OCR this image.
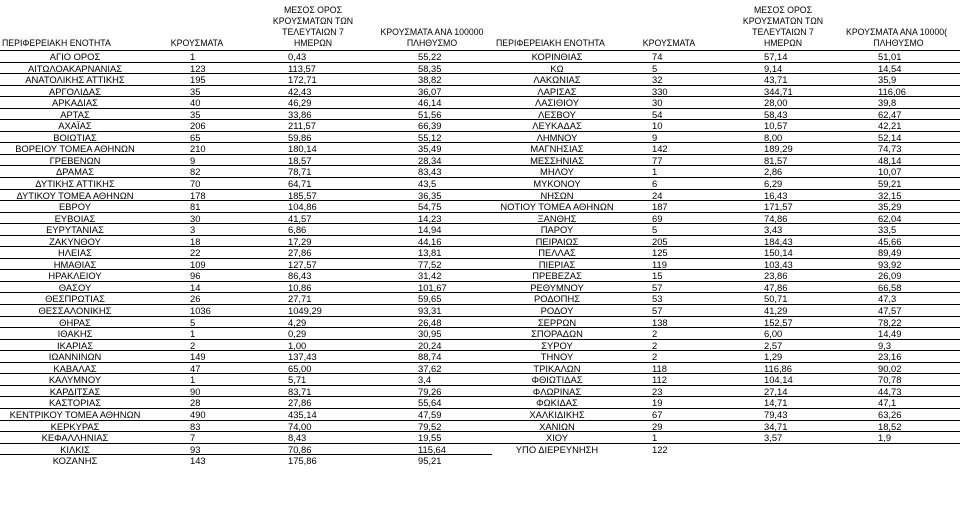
ΠΕΡΙΦΕΡΕΙΑΚΗ ΕΝΟΤΗΤΑ	ΚΡΟΥΣΜΑΤΑ
ΜΕΣΟΣ ΟΡΟΣ
ΚΡΟΥΣΜΑΤΩΝ ΤΩΝ
ΤΕΛΕΥΤΑΙΩΝ 7 ΗΜΕΡΩΝ
ΚΡΟΥΣΜΑΤΑ ΑΝΑ 100000
ΠΛΗΘΥΣΜΟ
ΑΓΙΟ ΟΡΟΣ	1	0,43	55,22
ΑΙΤΩΛΟΑΚΑΡΝΑΝΙΑΣ	123	113,57	58,35
ΑΝΑΤΟΛΙΚΗΣ ΑΤΤΙΚΗΣ	195	172,71	38,82
ΑΡΓΟΛΙΔΑΣ	35	42,43	36,07
ΑΡΚΑΔΙΑΣ	40	46,29	46,14
ΑΡΤΑΣ	35	33,86	51,56
ΑΧΑΪΑΣ	206	211,57	66,39
ΒΟΙΩΤΙΑΣ	65	59,86	55,12
ΒΟΡΕΙΟΥ ΤΟΜΕΑ ΑΘΗΝΩΝ	210	180,14	35,49
ΓΡΕΒΕΝΩΝ	9	18,57	28,34
ΔΡΑΜΑΣ	82	78,71	83,43
ΔΥΤΙΚΗΣ ΑΤΤΙΚΗΣ	70	64,71	43,5
ΔΥΤΙΚΟΥ ΤΟΜΕΑ ΑΘΗΝΩΝ	178	185,57	36,35
ΕΒΡΟΥ	81	104,86	54,75
ΕΥΒΟΙΑΣ	30	41,57	14,23
ΕΥΡΥΤΑΝΙΑΣ	3	6,86	14,94
ΖΑΚΥΝΘΟΥ	18	17,29	44,16
ΗΛΕΙΑΣ	22	27,86	13,81
ΗΜΑΘΙΑΣ	109	127,57	77,52
ΗΡΑΚΛΕΙΟΥ	96	86,43	31,42
ΘΑΣΟΥ	14	10,86	101,67
ΘΕΣΠΡΩΤΙΑΣ	26	27,71	59,65
ΘΕΣΣΑΛΟΝΙΚΗΣ	1036	1049,29	93,31
ΘΗΡΑΣ	5	4,29	26,48
ΙΘΑΚΗΣ	1	0,29	30,95
ΙΚΑΡΙΑΣ	2	1,00	20,24
ΙΩΑΝΝΙΝΩΝ	149	137,43	88,74
ΚΑΒΑΛΑΣ	47	65,00	37,62
ΚΑΛΥΜΝΟΥ	1	5,71	3,4
ΚΑΡΔΙΤΣΑΣ	90	83,71	79,26
ΚΑΣΤΟΡΙΑΣ	28	27,86	55,64
ΚΕΝΤΡΙΚΟΥ ΤΟΜΕΑ ΑΘΗΝΩΝ	490	435,14	47,59
ΚΕΡΚΥΡΑΣ	83	74,00	79,52
ΚΕΦΑΛΛΗΝΙΑΣ	7	8,43	19,55
ΚΙΛΚΙΣ	93	70,86	115,64
ΚΟΖΑΝΗΣ	143	175,86	95,21
ΠΕΡΙΦΕΡΕΙΑΚΗ ΕΝΟΤΗΤΑ	ΚΡΟΥΣΜΑΤΑ
ΜΕΣΟΣ ΟΡΟΣ
ΚΡΟΥΣΜΑΤΩΝ ΤΩΝ
ΤΕΛΕΥΤΑΙΩΝ 7 ΗΜΕΡΩΝ
ΚΡΟΥΣΜΑΤΑ ΑΝΑ 10000(
ΠΛΗΘΥΣΜΟ
ΚΟΡΙΝΘΙΑΣ	74	57,14	51,01
ΚΩ	5	9,14	14,54
ΛΑΚΩΝΙΑΣ	32	43,71	35,9
ΛΑΡΙΣΑΣ	330	344,71	116,06
ΛΑΣΙΘΙΟΥ	30	28,00	39,8
ΛΕΣΒΟΥ	54	58,43	62,47
ΛΕΥΚΑΔΑΣ	10	10,57	42,21
ΛΗΜΝΟΥ	9	8,00	52,14
ΜΑΓΝΗΣΙΑΣ	142	189,29	74,73
ΜΕΣΣΗΝΙΑΣ	77	81,57	48,14
ΜΗΛΟΥ	1	2,86	10,07
ΜΥΚΟΝΟΥ	6	6,29	59,21
ΝΗΣΩΝ	24	16,43	32,15
ΝΟΤΙΟΥ ΤΟΜΕΑ ΑΘΗΝΩΝ	187	171,57	35,29
ΞΑΝΘΗΣ	69	74,86	62,04
ΠΑΡΟΥ	5	3,43	33,5
ΠΕΙΡΑΙΩΣ	205	184,43	45,66
ΠΕΛΛΑΣ	125	150,14	89,49
ΠΙΕΡΙΑΣ	119	103,43	93,92
ΠΡΕΒΕΖΑΣ	15	23,86	26,09
ΡΕΘΥΜΝΟΥ	57	47,86	66,58
ΡΟΔΟΠΗΣ	53	50,71	47,3
ΡΟΔΟΥ	57	41,29	47,57
ΣΕΡΡΩΝ	138	152,57	78,22
ΣΠΟΡΑΔΩΝ	2	6,00	14,49
ΣΥΡΟΥ	2	2,57	9,3
ΤΗΝΟΥ	2	1,29	23,16
ΤΡΙΚΑΛΩΝ	118	116,86	90,02
ΦΘΙΩΤΙΔΑΣ	112	104,14	70,78
ΦΛΩΡΙΝΑΣ	23	27,14	44,73
ΦΩΚΙΔΑΣ	19	14,71	47,1
ΧΑΛΚΙΔΙΚΗΣ	67	79,43	63,26
ΧΑΝΙΩΝ	29	34,71	18,52
ΧΙΟΥ	1	3,57	1,9
ΥΠΟ ΔΙΕΡΕΥΝΗΣΗ	122
